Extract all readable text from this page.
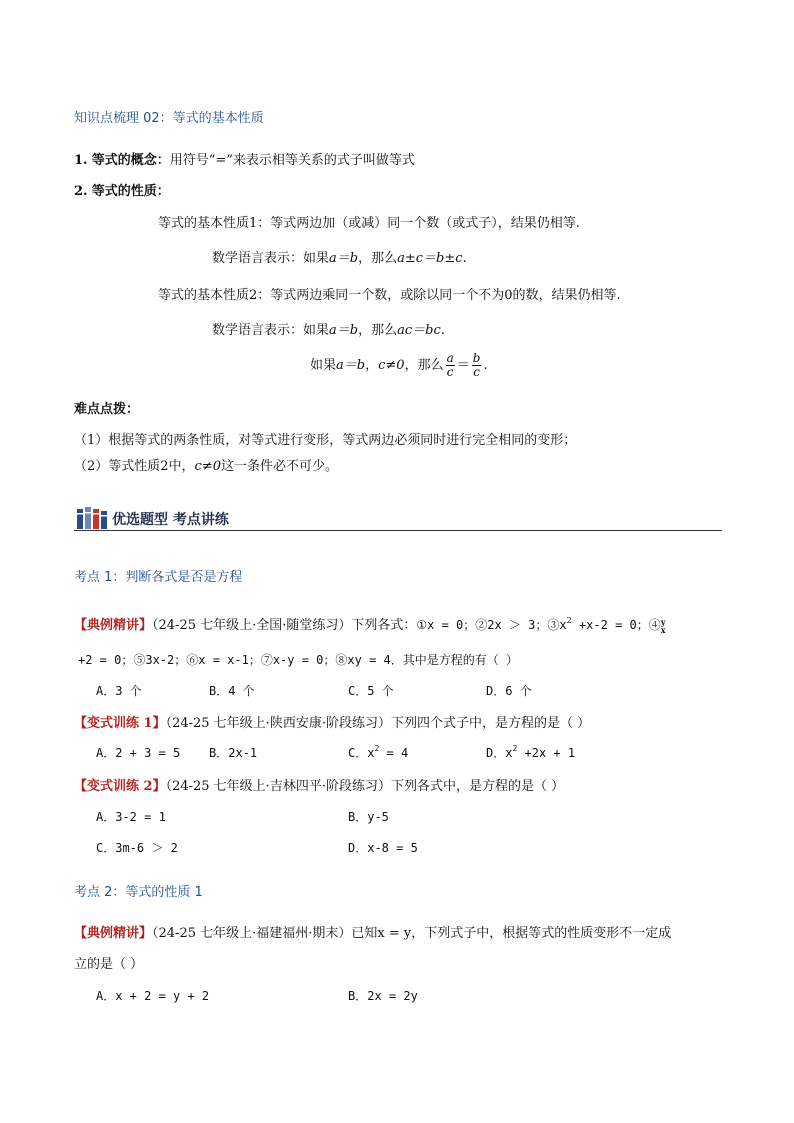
知识点梳理 02：等式的基本性质
1. 等式的概念：用符号“=”来表示相等关系的式子叫做等式
2. 等式的性质：
等式的基本性质1：等式两边加（或减）同一个数（或式子），结果仍相等.
数学语言表示：如果a＝b，那么a±c＝b±c.
等式的基本性质2：等式两边乘同一个数，或除以同一个不为0的数，结果仍相等.
数学语言表示：如果a＝b，那么ac＝bc.
如果a＝b，c≠0，那么 $\frac{a}{c} = \frac{b}{c}$ .
难点点拨：
（1）根据等式的两条性质，对等式进行变形，等式两边必须同时进行完全相同的变形；
（2）等式性质2中，c≠0这一条件必不可少。
优选题型 考点讲练
考点 1：判断各式是否是方程
【典例精讲】（24-25 七年级上·全国·随堂练习）下列各式：①x = 0；②2x ＞ 3；$③x^2 +x-2 = 0$；④ y
x
+2 = 0；⑤3x-2；⑥x = x-1；⑦x-y = 0；⑧xy = 4．其中是方程的有（ ）
A．3 个	B．4 个	C．5 个	D．6 个
【变式训练 1】（24-25 七年级上·陕西安康·阶段练习）下列四个式子中，是方程的是（ ）
A．2 + 3 = 5 B．2x-1	C．$x^2 = 4$	D．$x^2 +2x + 1$
【变式训练 2】（24-25 七年级上·吉林四平·阶段练习）下列各式中，是方程的是（ ）
A．3-2 = 1	B．y-5
C．3m-6 ＞ 2	D．x-8 = 5
考点 2：等式的性质 1
【典例精讲】（24-25 七年级上·福建福州·期末）已知x = y，下列式子中，根据等式的性质变形不一定成
立的是（ ）
A．x + 2 = y + 2	B．2x = 2y
